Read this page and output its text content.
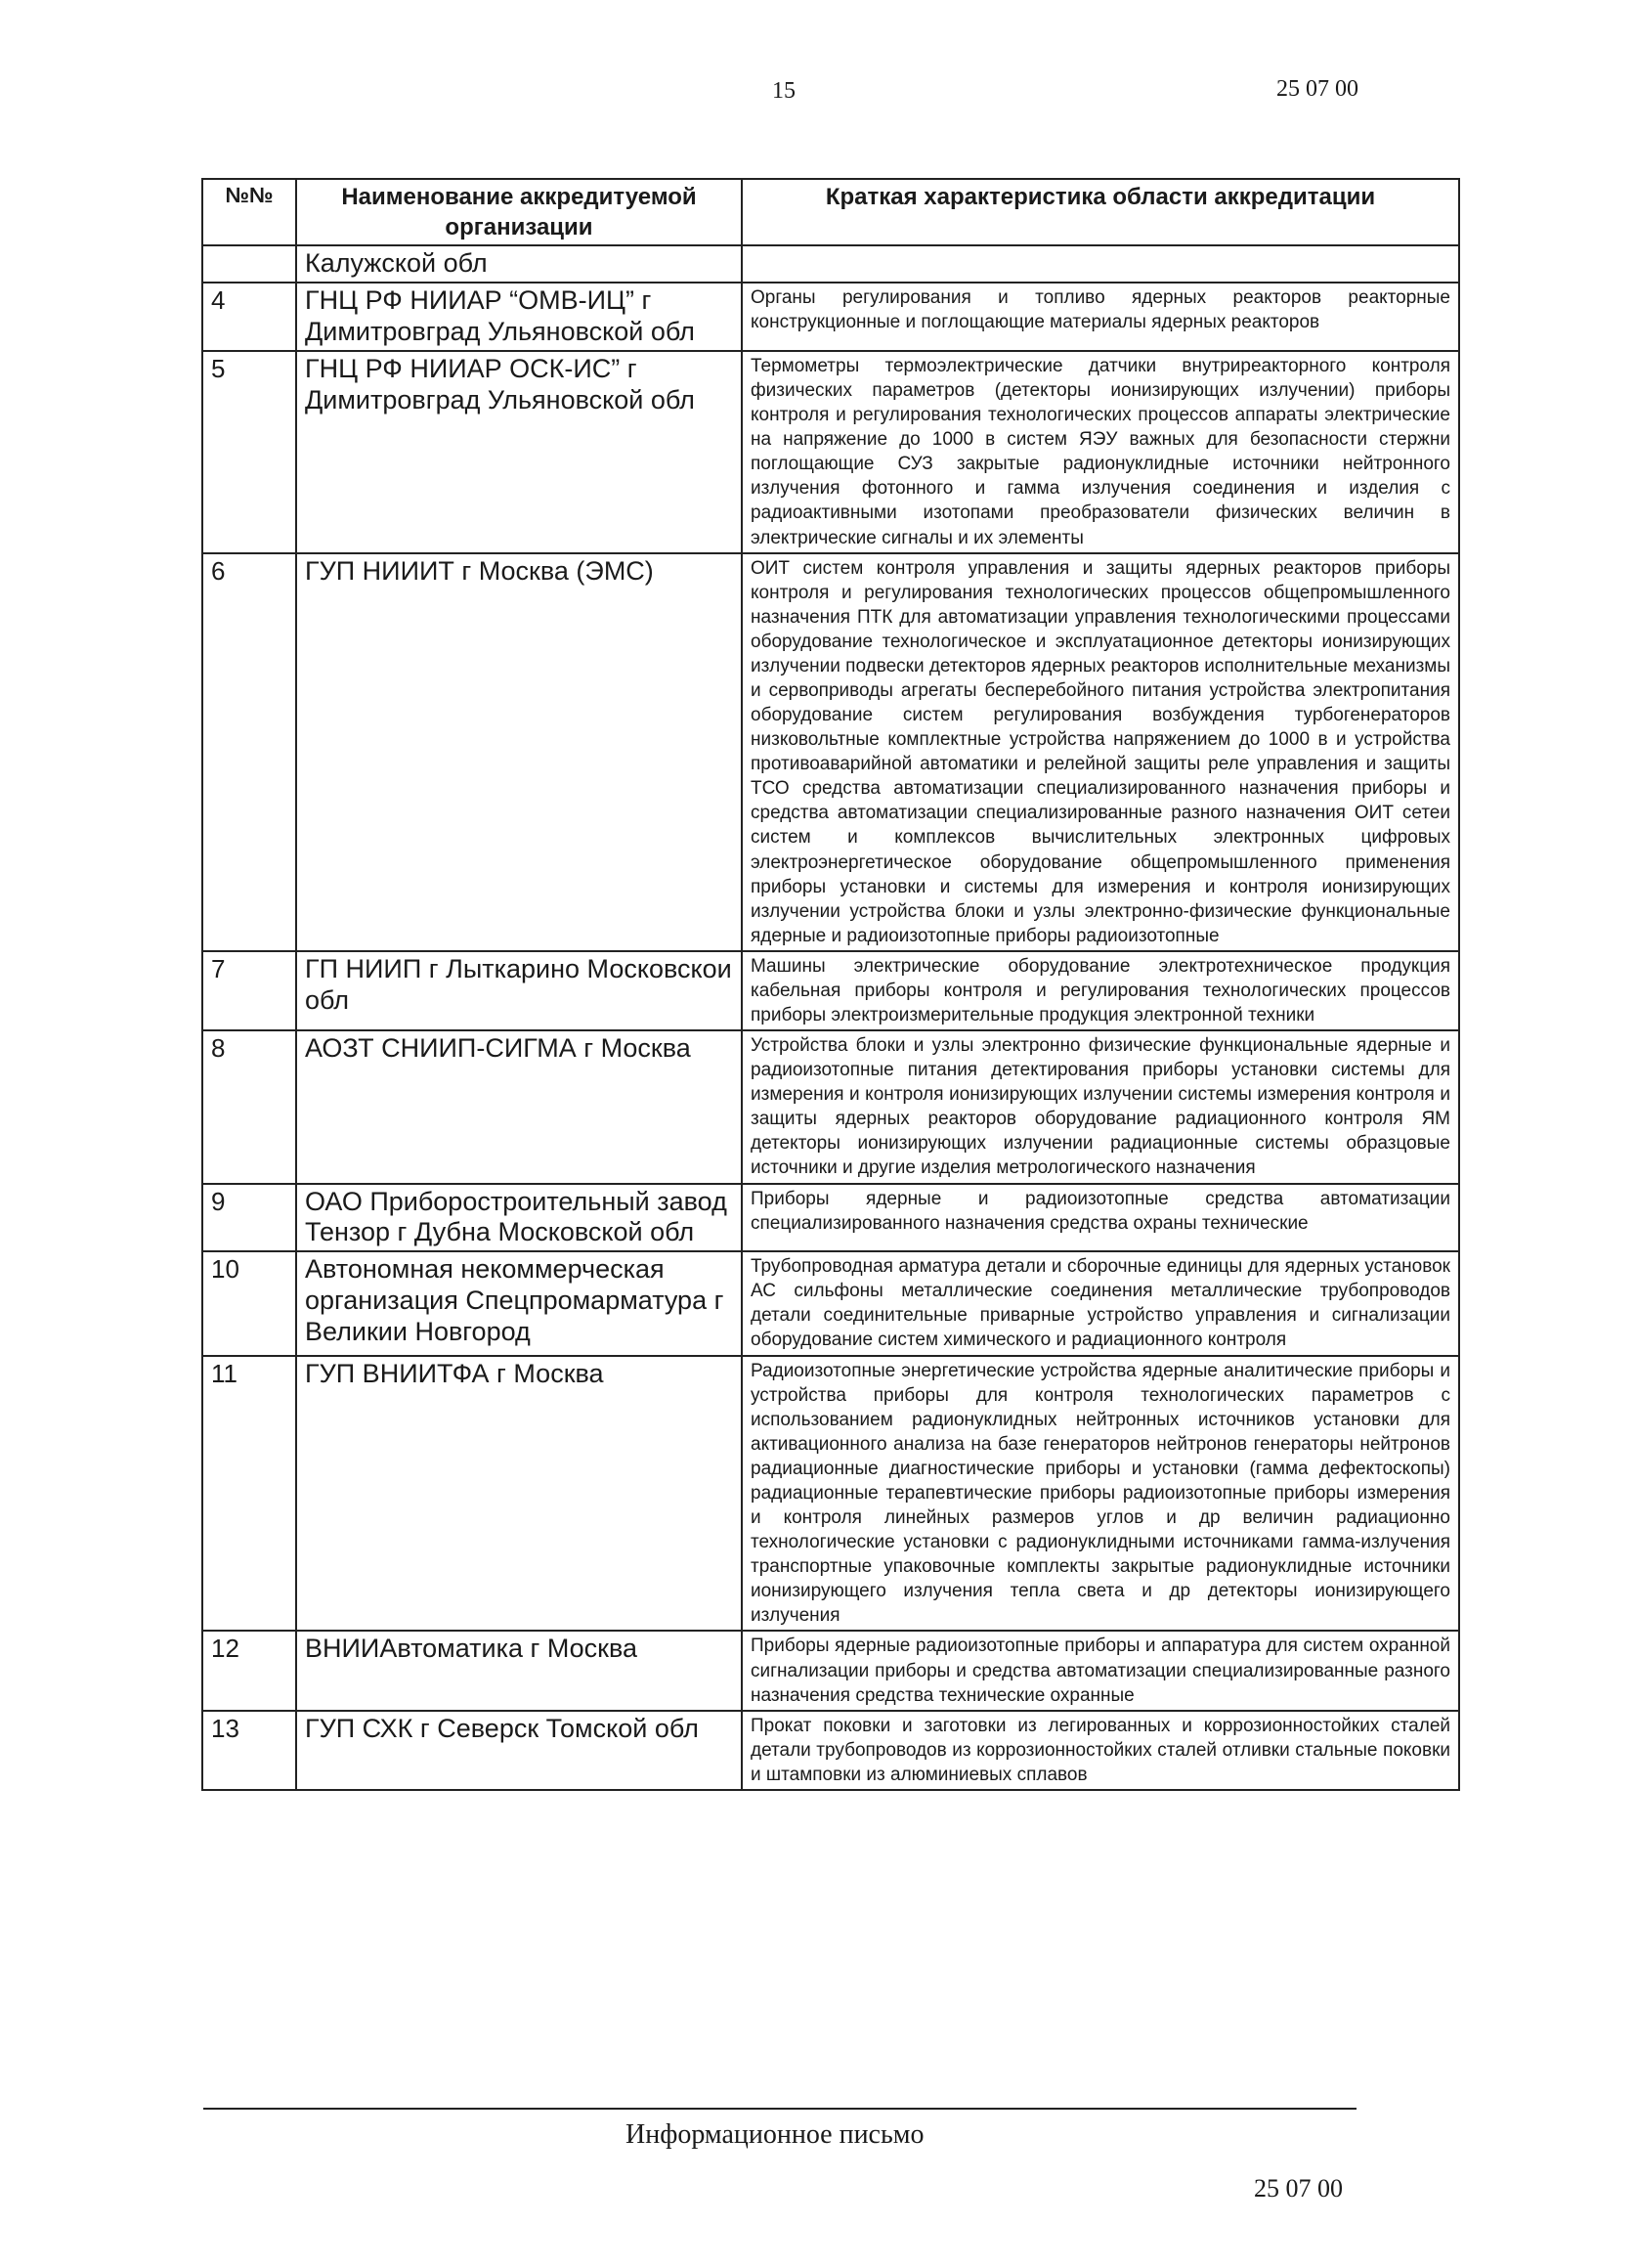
15	25 07 00
№№	Наименование аккредитуемой организации	Краткая характеристика области аккредитации
	Калужской обл	
4	ГНЦ РФ НИИАР “ОМВ-ИЦ” г Димитровград Ульяновской обл	Органы регулирования и топливо ядерных реакторов реакторные конструкционные и поглощающие материалы ядерных реакторов
5	ГНЦ РФ НИИАР ОСК-ИС” г Димитровград Ульяновской обл	Термометры термоэлектрические датчики внутриреакторного контроля физических параметров (детекторы ионизирующих излучении) приборы контроля и регулирования технологических процессов аппараты электрические на напряжение до 1000 в систем ЯЭУ важных для безопасности стержни поглощающие СУЗ закрытые радионуклидные источники нейтронного излучения фотонного и гамма излучения соединения и изделия с радиоактивными изотопами преобразователи физических величин в электрические сигналы и их элементы
6	ГУП НИИИТ г Москва (ЭМС)	ОИТ систем контроля управления и защиты ядерных реакторов приборы контроля и регулирования технологических процессов общепромышленного назначения ПТК для автоматизации управления технологическими процессами оборудование технологическое и эксплуатационное детекторы ионизирующих излучении подвески детекторов ядерных реакторов исполнительные механизмы и сервоприводы агрегаты бесперебойного питания устройства электропитания оборудование систем регулирования возбуждения турбогенераторов низковольтные комплектные устройства напряжением до 1000 в и устройства противоаварийной автоматики и релейной защиты реле управления и защиты ТСО средства автоматизации специализированного назначения приборы и средства автоматизации специализированные разного назначения ОИТ сетеи систем и комплексов вычислительных электронных цифровых электроэнергетическое оборудование общепромышленного применения приборы установки и системы для измерения и контроля ионизирующих излучении устройства блоки и узлы электронно-физические функциональные ядерные и радиоизотопные приборы радиоизотопные
7	ГП НИИП г Лыткарино Московскои обл	Машины электрические оборудование электротехническое продукция кабельная приборы контроля и регулирования технологических процессов приборы электроизмерительные продукция электронной техники
8	АОЗТ СНИИП-СИГМА г Москва	Устройства блоки и узлы электронно физические функциональные ядерные и радиоизотопные питания детектирования приборы установки системы для измерения и контроля ионизирующих излучении системы измерения контроля и защиты ядерных реакторов оборудование радиационного контроля ЯМ детекторы ионизирующих излучении радиационные системы образцовые источники и другие изделия метрологического назначения
9	ОАО Приборостроительный завод Тензор г Дубна Московской обл	Приборы ядерные и радиоизотопные средства автоматизации специализированного назначения средства охраны технические
10	Автономная некоммерческая организация Спецпромарматура г Великии Новгород	Трубопроводная арматура детали и сборочные единицы для ядерных установок АС сильфоны металлические соединения металлические трубопроводов детали соединительные приварные устройство управления и сигнализации оборудование систем химического и радиационного контроля
11	ГУП ВНИИТФА г Москва	Радиоизотопные энергетические устройства ядерные аналитические приборы и устройства приборы для контроля технологических параметров с использованием радионуклидных нейтронных источников установки для активационного анализа на базе генераторов нейтронов генераторы нейтронов радиационные диагностические приборы и установки (гамма дефектоскопы) радиационные терапевтические приборы радиоизотопные приборы измерения и контроля линейных размеров углов и др величин радиационно технологические установки с радионуклидными источниками гамма-излучения транспортные упаковочные комплекты закрытые радионуклидные источники ионизирующего излучения тепла света и др детекторы ионизирующего излучения
12	ВНИИАвтоматика г Москва	Приборы ядерные радиоизотопные приборы и аппаратура для систем охранной сигнализации приборы и средства автоматизации специализированные разного назначения средства технические охранные
13	ГУП СХК г Северск Томской обл	Прокат поковки и заготовки из легированных и коррозионностойких сталей детали трубопроводов из коррозионностойких сталей отливки стальные поковки и штамповки из алюминиевых сплавов
Информационное письмо
25 07 00
